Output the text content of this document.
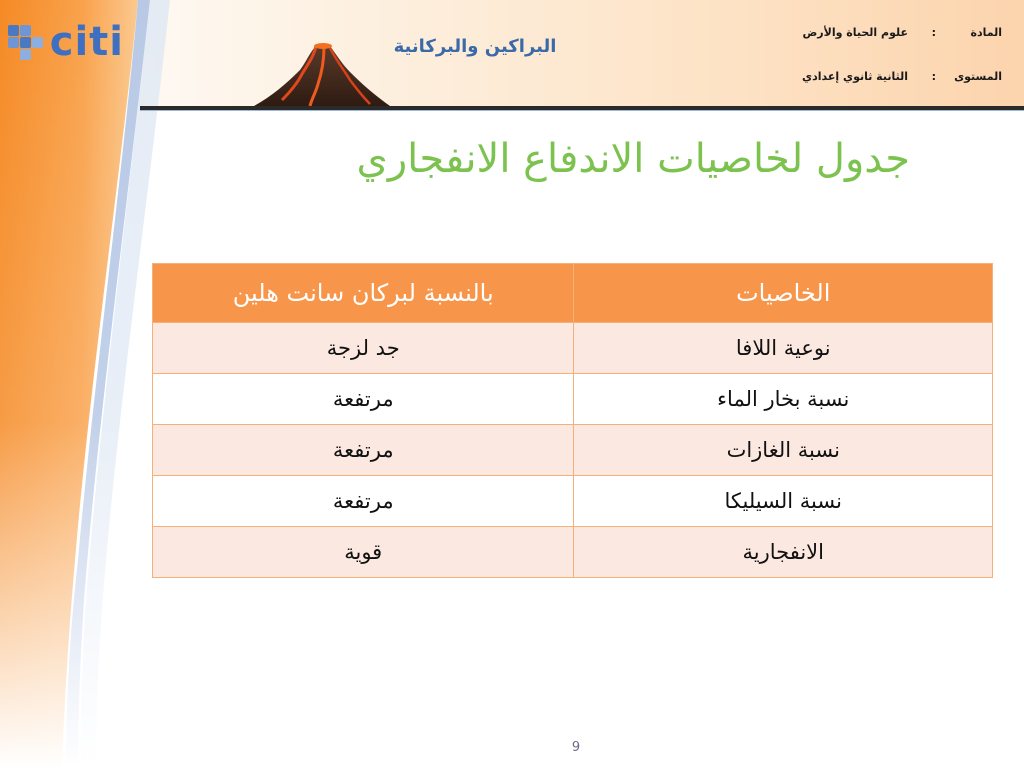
citi	البراكين والبركانية
المادة
:
علوم الحياة والأرض
المستوى
:
الثانية ثانوي إعدادي
جدول لخاصيات الاندفاع الانفجاري
الخاصيات	بالنسبة لبركان سانت هلين
نوعية اللافا	جد لزجة
نسبة بخار الماء	مرتفعة
نسبة الغازات	مرتفعة
نسبة السيليكا	مرتفعة
الانفجارية	قوية
9
